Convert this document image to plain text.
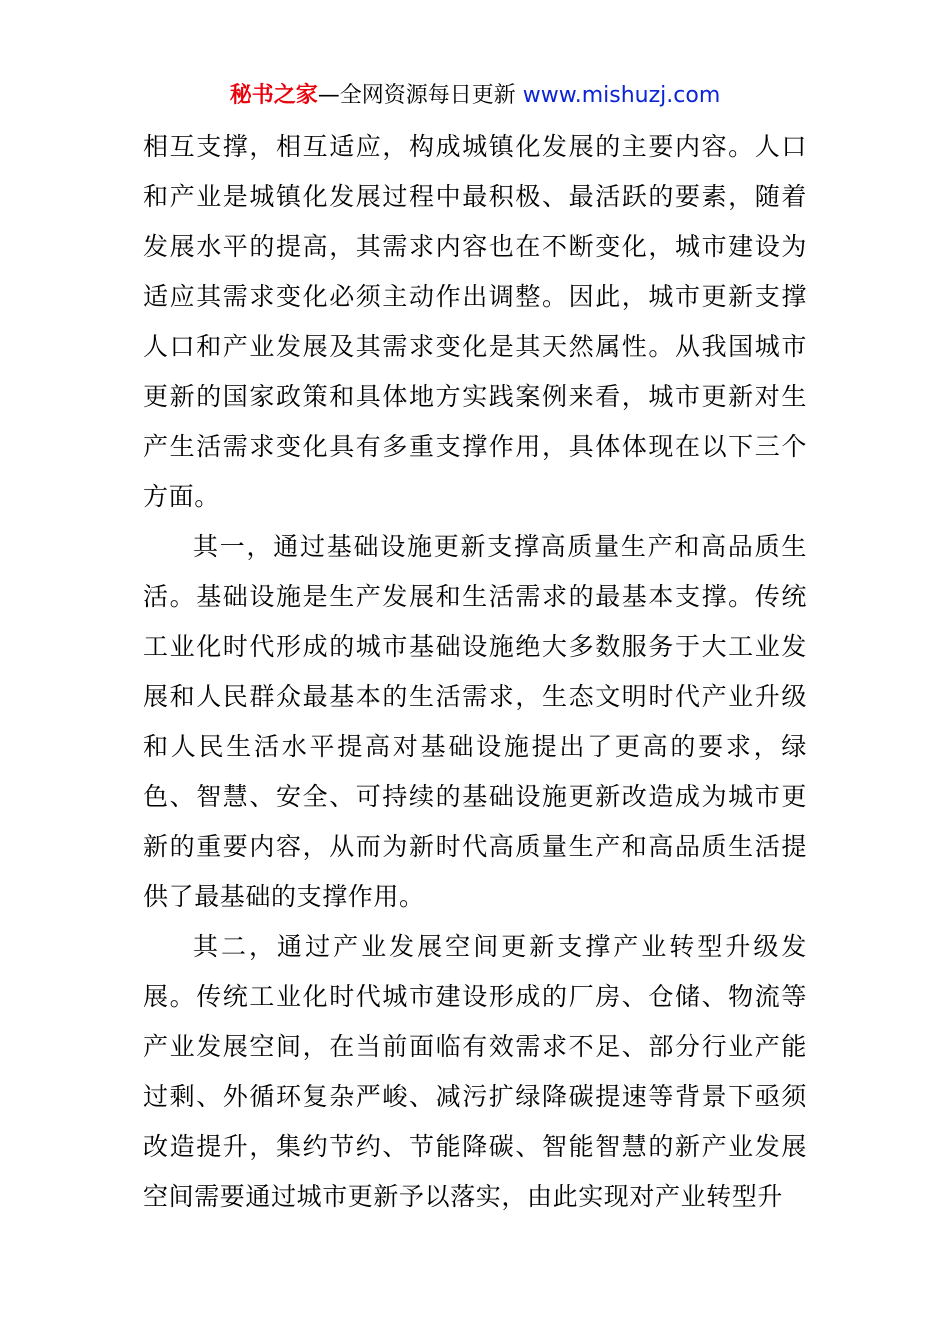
秘书之家—全网资源每日更新 www.mishuzj.com

相互支撑，相互适应，构成城镇化发展的主要内容。人口和产业是城镇化发展过程中最积极、最活跃的要素，随着发展水平的提高，其需求内容也在不断变化，城市建设为适应其需求变化必须主动作出调整。因此，城市更新支撑人口和产业发展及其需求变化是其天然属性。从我国城市更新的国家政策和具体地方实践案例来看，城市更新对生产生活需求变化具有多重支撑作用，具体体现在以下三个方面。

其一，通过基础设施更新支撑高质量生产和高品质生活。基础设施是生产发展和生活需求的最基本支撑。传统工业化时代形成的城市基础设施绝大多数服务于大工业发展和人民群众最基本的生活需求，生态文明时代产业升级和人民生活水平提高对基础设施提出了更高的要求，绿色、智慧、安全、可持续的基础设施更新改造成为城市更新的重要内容，从而为新时代高质量生产和高品质生活提供了最基础的支撑作用。

其二，通过产业发展空间更新支撑产业转型升级发展。传统工业化时代城市建设形成的厂房、仓储、物流等产业发展空间，在当前面临有效需求不足、部分行业产能过剩、外循环复杂严峻、减污扩绿降碳提速等背景下亟须改造提升，集约节约、节能降碳、智能智慧的新产业发展空间需要通过城市更新予以落实，由此实现对产业转型升
